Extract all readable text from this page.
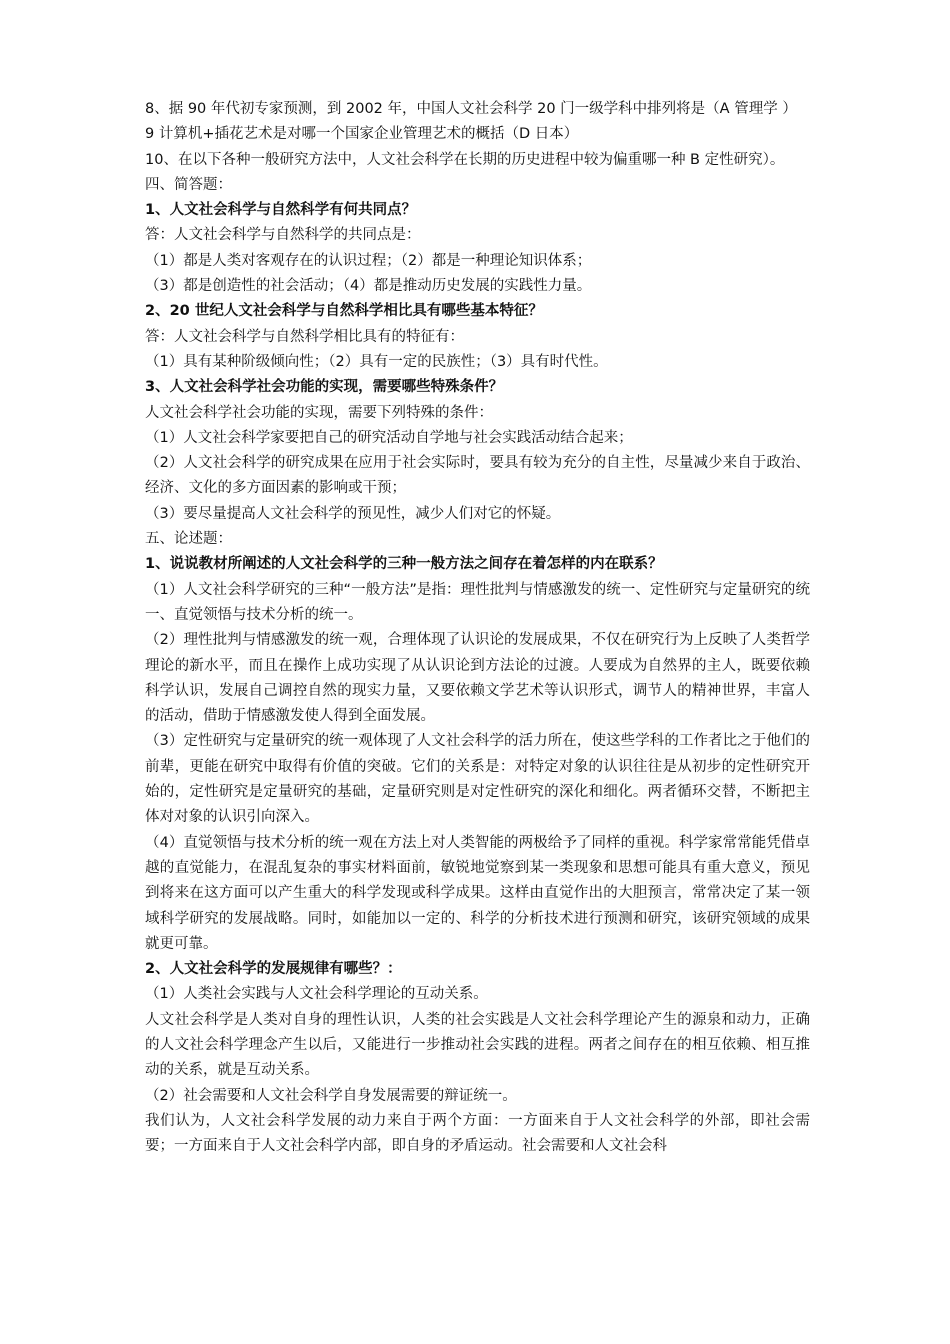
8、据 90 年代初专家预测，到 2002 年，中国人文社会科学 20 门一级学科中排列将是（A 管理学 ）

9 计算机+插花艺术是对哪一个国家企业管理艺术的概括（D 日本）

10、在以下各种一般研究方法中，人文社会科学在长期的历史进程中较为偏重哪一种 B 定性研究）。

四、简答题：

1、人文社会科学与自然科学有何共同点？

答：人文社会科学与自然科学的共同点是：

（1）都是人类对客观存在的认识过程；（2）都是一种理论知识体系；

（3）都是创造性的社会活动；（4）都是推动历史发展的实践性力量。

2、20 世纪人文社会科学与自然科学相比具有哪些基本特征？

答：人文社会科学与自然科学相比具有的特征有：

（1）具有某种阶级倾向性；（2）具有一定的民族性；（3）具有时代性。

3、人文社会科学社会功能的实现，需要哪些特殊条件？

人文社会科学社会功能的实现，需要下列特殊的条件：

（1）人文社会科学家要把自己的研究活动自学地与社会实践活动结合起来；

（2）人文社会科学的研究成果在应用于社会实际时，要具有较为充分的自主性，尽量减少来自于政治、经济、文化的多方面因素的影响或干预；

（3）要尽量提高人文社会科学的预见性，减少人们对它的怀疑。

五、论述题：

1、说说教材所阐述的人文社会科学的三种一般方法之间存在着怎样的内在联系？

（1）人文社会科学研究的三种“一般方法”是指：理性批判与情感激发的统一、定性研究与定量研究的统一、直觉领悟与技术分析的统一。

（2）理性批判与情感激发的统一观，合理体现了认识论的发展成果，不仅在研究行为上反映了人类哲学理论的新水平，而且在操作上成功实现了从认识论到方法论的过渡。人要成为自然界的主人，既要依赖科学认识，发展自己调控自然的现实力量，又要依赖文学艺术等认识形式，调节人的精神世界，丰富人的活动，借助于情感激发使人得到全面发展。

（3）定性研究与定量研究的统一观体现了人文社会科学的活力所在，使这些学科的工作者比之于他们的前辈，更能在研究中取得有价值的突破。它们的关系是：对特定对象的认识往往是从初步的定性研究开始的，定性研究是定量研究的基础，定量研究则是对定性研究的深化和细化。两者循环交替，不断把主体对对象的认识引向深入。

（4）直觉领悟与技术分析的统一观在方法上对人类智能的两极给予了同样的重视。科学家常常能凭借卓越的直觉能力，在混乱复杂的事实材料面前，敏锐地觉察到某一类现象和思想可能具有重大意义，预见到将来在这方面可以产生重大的科学发现或科学成果。这样由直觉作出的大胆预言，常常决定了某一领域科学研究的发展战略。同时，如能加以一定的、科学的分析技术进行预测和研究，该研究领域的成果就更可靠。

2、人文社会科学的发展规律有哪些？：

（1）人类社会实践与人文社会科学理论的互动关系。

人文社会科学是人类对自身的理性认识，人类的社会实践是人文社会科学理论产生的源泉和动力，正确的人文社会科学理念产生以后，又能进行一步推动社会实践的进程。两者之间存在的相互依赖、相互推动的关系，就是互动关系。

（2）社会需要和人文社会科学自身发展需要的辩证统一。

我们认为，人文社会科学发展的动力来自于两个方面：一方面来自于人文社会科学的外部，即社会需要；一方面来自于人文社会科学内部，即自身的矛盾运动。社会需要和人文社会科
